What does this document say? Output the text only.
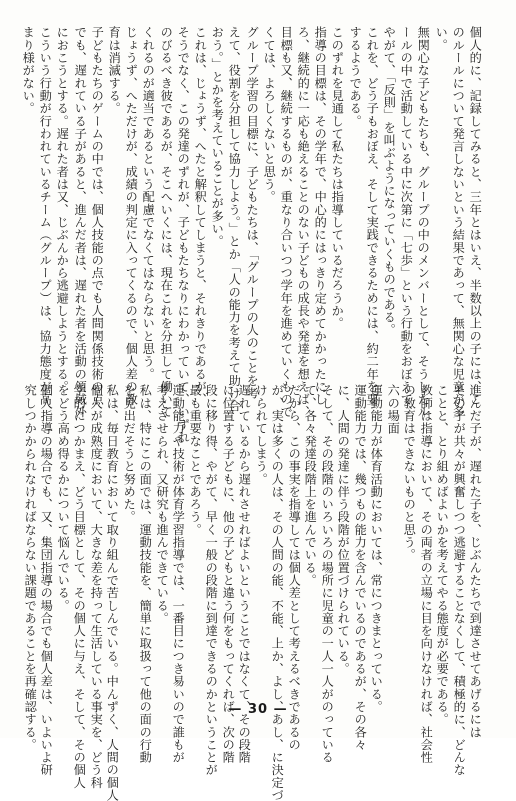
個人的に、記録してみると、三年とはいえ、半数以上の子には、こ
のルールについて発言しないという結果であって、無関心な児童が多
い。
無関心な子どもたちも、グループの中のメンバーとして、そうしたル
ールの中で活動している中に次第に「七歩」という行動をおぼえて、
やがて、「反則」を叫ぶようになっていくものである。
これを、どう子もおぼえ、そして実践できるためには、約二年を要
するようである。
このずれを見通して私たちは指導しているだろうか。
指導の目標は、その学年で、中心的にはっきり定めてかかったにし
ろ、継続的に一応も絶えることのない子どもの成長や発達を想えば、
目標も又、継続するものが、重なり合いつつ学年を進めていくもので
くては、よろしくないと思う。
グループ学習の目標に、子どもたちは、「グループの人のことを考
えて、役割を分担して協力しよう。」とか「人の能力を考えて助け合
おう。」とかを考えていることが多い。
これは、じょうず、へたと解釈してしまうと、それきりであるが、
そうでなく、この発達のずれが、子どもたちなりにわかっていて、いずれ
のびるべき彼であるが、そこへいくには、現在これを分担して働いて
くれるのが適当であるという配慮でなくてはならないと思う。
じょうず、へただけが、成績の判定に入ってくるので、個人差の教
育は消滅する。
子どもたちのゲームの中では、個人技能の点でも人間関係技術の点
でも、遅れている子があると、進んだ者は、遅れた者を活動の領域外
におこうとする。遅れた者は又、じぶんから逃避しようとする。
こういう行動が行われているチーム（グループ）は、協力態度が高
まり様がない。
進んだ子が、遅れた子を、じぶんたちで到達させてあげるには
その子が共々が興奮しつつ逃避することなくして、積極的に、どんな
ことと、とり組めばよいかを考えてやる態度が必要である。
教師は指導において、その両者の立場に目を向けなければ、社会性
の教育はできないものと思う。
六の場面
運動能力が体育活動においては、常につきまとっている。
運動能力では、幾つもの能力を含んでいるのであるが、その各々
に、人間の発達に伴う段階が位置づけられている。
そして、その段階のいろいろの場所に児童の一人一人がのっている
て、各々発達段階上を進んでいる。
だから、この事実を指導しては個人差として考えるべきであるの
が、実は多くの人は、その人間の能、不能、上か、よし、あし、に決定づ
けられてしまう。
遅れているから遅れさせればよいということではなくて、その段階
に位置する子どもに、他の子どもと違う何をもってくれば、次の階
段に移り得、やがて、早く一般の段階に到達できるのかということが
最も重要なことであろう。
運動能力や技術が体育学習指導では、一番目につき易いので誰もが
考えさせられ、又研究も進んできている。
私は、特にこの面では、運動技能を、簡単に取扱って他の面の行動
を見出だそうと努めた。
私は、毎日教育において取り組んで苦しんでいる。中んずく、人間の個人
個人が成熟度において、大きな差を持って生活している事実を、どう科
学的につかまえ、どう目標として、その個人に与え、そして、その個人
をどう高め得るかについて悩んでいる。
個人指導の場合でも、又、集団指導の場合でも個人差は、いよいよ研
究しつかかられなければならない課題であることを再確認する。	— 30 —
